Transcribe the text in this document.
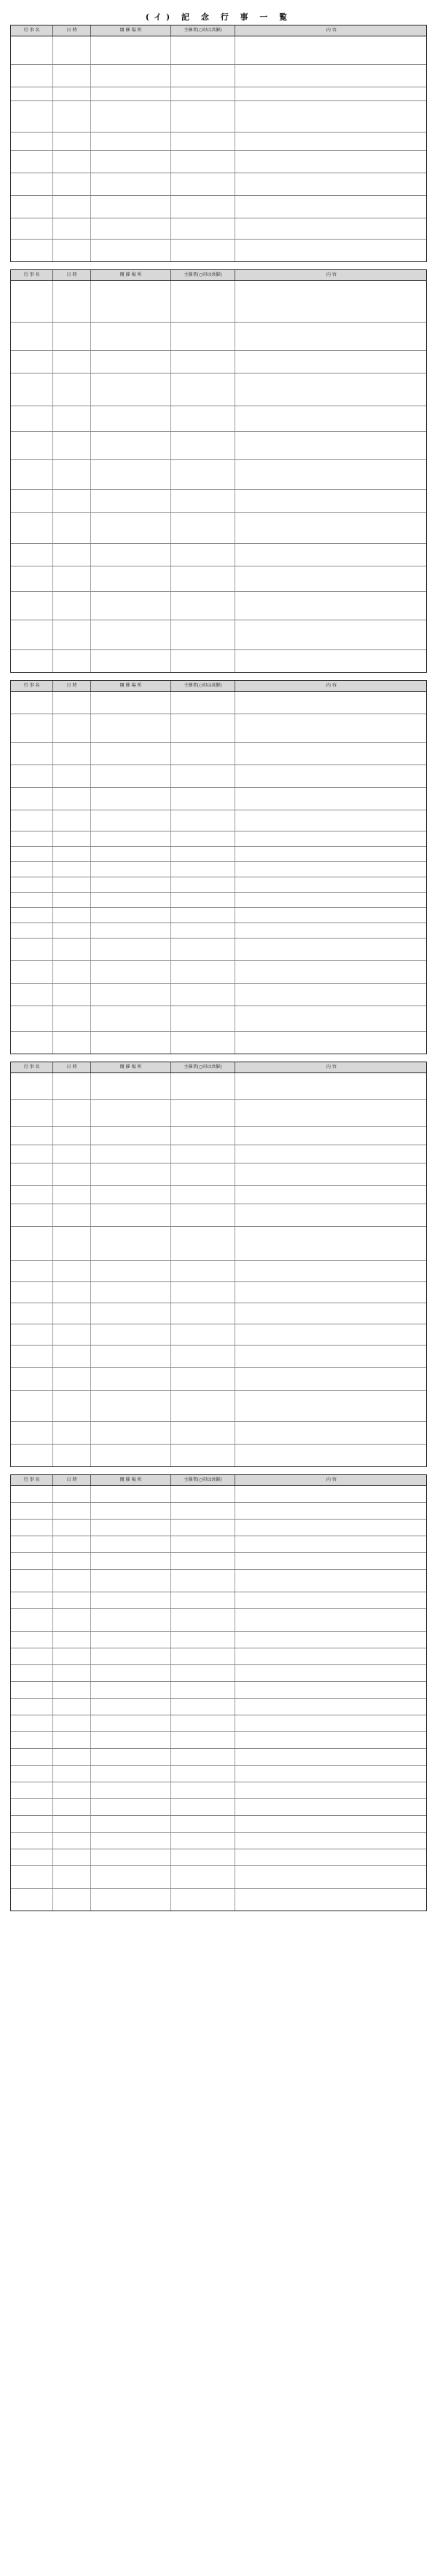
(イ) 記 念 行 事 一 覧
行 事 名	日 時	開 催 場 所	主催者(○印は共催)	内 容
行 事 名	日 時	開 催 場 所	主催者(○印は共催)	内 容
行 事 名	日 時	開 催 場 所	主催者(○印は共催)	内 容
行 事 名	日 時	開 催 場 所	主催者(○印は共催)	内 容
行 事 名	日 時	開 催 場 所	主催者(○印は共催)	内 容
